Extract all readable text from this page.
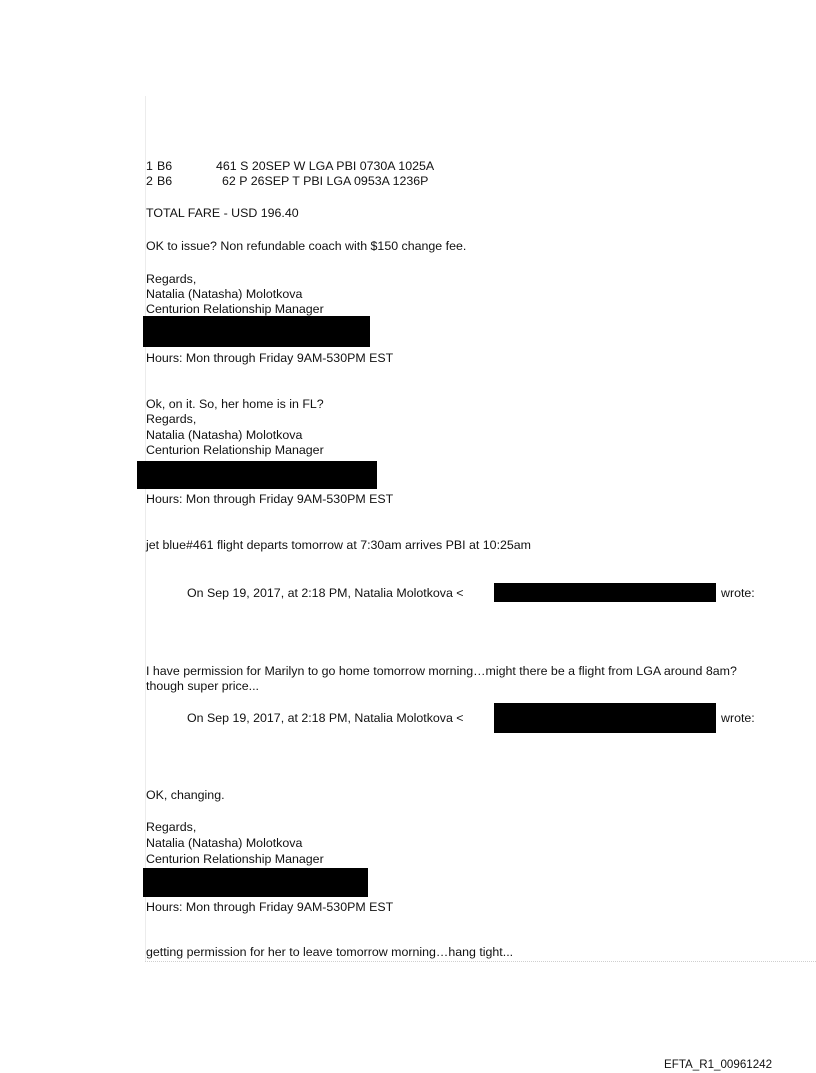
1 B6	461 S 20SEP W LGA PBI 0730A 1025A
2 B6	62 P 26SEP T PBI LGA 0953A 1236P
TOTAL FARE - USD 196.40
OK to issue? Non refundable coach with $150 change fee.
Regards,
Natalia (Natasha) Molotkova
Centurion Relationship Manager
Hours: Mon through Friday 9AM-530PM EST
Ok, on it. So, her home is in FL?
Regards,
Natalia (Natasha) Molotkova
Centurion Relationship Manager
Hours: Mon through Friday 9AM-530PM EST
jet blue#461 flight departs tomorrow at 7:30am arrives PBI at 10:25am
On Sep 19, 2017, at 2:18 PM, Natalia Molotkova <	wrote:
I have permission for Marilyn to go home tomorrow morning…might there be a flight from LGA around 8am?
though super price...
On Sep 19, 2017, at 2:18 PM, Natalia Molotkova <	wrote:
OK, changing.
Regards,
Natalia (Natasha) Molotkova
Centurion Relationship Manager
Hours: Mon through Friday 9AM-530PM EST
getting permission for her to leave tomorrow morning…hang tight...
EFTA_R1_00961242
